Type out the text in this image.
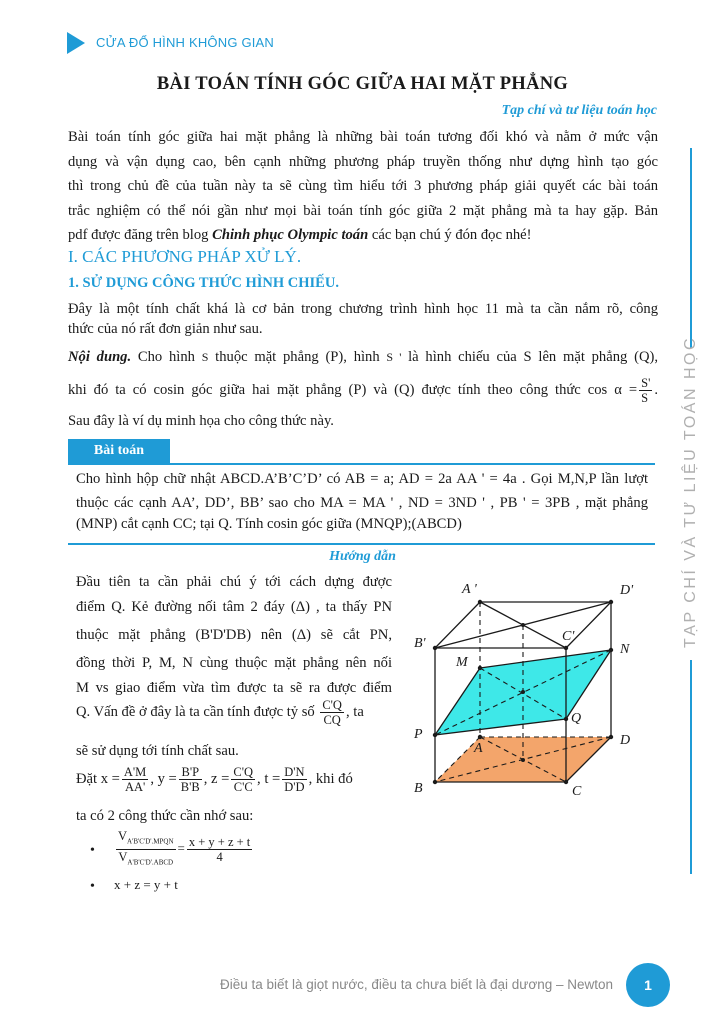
CỬA ĐỔ HÌNH KHÔNG GIAN
BÀI TOÁN TÍNH GÓC GIỮA HAI MẶT PHẲNG
Tạp chí và tư liệu toán học
Bài toán tính góc giữa hai mặt phẳng là những bài toán tương đối khó và nằm ở mức vận
dụng và vận dụng cao, bên cạnh những phương pháp truyền thống như dựng hình tạo góc
thì trong chủ đề của tuần này ta sẽ cùng tìm hiểu tới 3 phương pháp giải quyết các bài toán
trắc nghiệm có thể nói gần như mọi bài toán tính góc giữa 2 mặt phẳng mà ta hay gặp. Bản
pdf được đăng trên blog Chinh phục Olympic toán các bạn chú ý đón đọc nhé!
I. CÁC PHƯƠNG PHÁP XỬ LÝ.
1. SỬ DỤNG CÔNG THỨC HÌNH CHIẾU.
Đây là một tính chất khá là cơ bản trong chương trình hình học 11 mà ta cần nắm rõ, công
thức của nó rất đơn giản như sau.
Nội dung. Cho hình S thuộc mặt phẳng (P), hình S ' là hình chiếu của S lên mặt phẳng (Q),
khi đó ta có cosin góc giữa hai mặt phẳng (P) và (Q) được tính theo công thức $\cos \alpha = \frac{S'}{S}$ .
Sau đây là ví dụ minh họa cho công thức này.
Bài toán
Cho hình hộp chữ nhật ABCD.A’B’C’D’ có AB = a; AD = 2a AA ' = 4a . Gọi M,N,P lần lượt
thuộc các cạnh AA’, DD’, BB’ sao cho MA = MA ' , ND = 3ND ' , PB ' = 3PB , mặt phẳng
(MNP) cắt cạnh CC; tại Q. Tính cosin góc giữa (MNQP);(ABCD)
Hướng dẫn
Đầu tiên ta cần phải chú ý tới cách dựng được
điểm Q. Kẻ đường nối tâm 2 đáy (Δ) , ta thấy PN
thuộc mặt phẳng (B'D'DB) nên (Δ) sẽ cắt PN,
đồng thời P, M, N cùng thuộc mặt phẳng nên nối
M vs giao điểm vừa tìm được ta sẽ ra được điểm
Q. Vấn đề ở đây là ta cần tính được tỷ số $\frac{C'Q}{CQ}$ , ta
sẽ sử dụng tới tính chất sau.
Đặt $x = \frac{A'M}{AA'}$ , $y = \frac{B'P}{B'B}$ , $z = \frac{C'Q}{C'C}$ , $t = \frac{D'N}{D'D}$ , khi đó
ta có 2 công thức cần nhớ sau:
• $\frac{V_{A'B'C'D'.MPQN}}{V_{A'B'C'D'.ABCD}} = \frac{x + y + z + t}{4}$
• x + z = y + t
A '	D'
B'	C'
M
N
P
Q
A
D
B	C
TẠP CHÍ VÀ TƯ LIỆU TOÁN HỌC
Điều ta biết là giọt nước, điều ta chưa biết là đại dương – Newton	1
